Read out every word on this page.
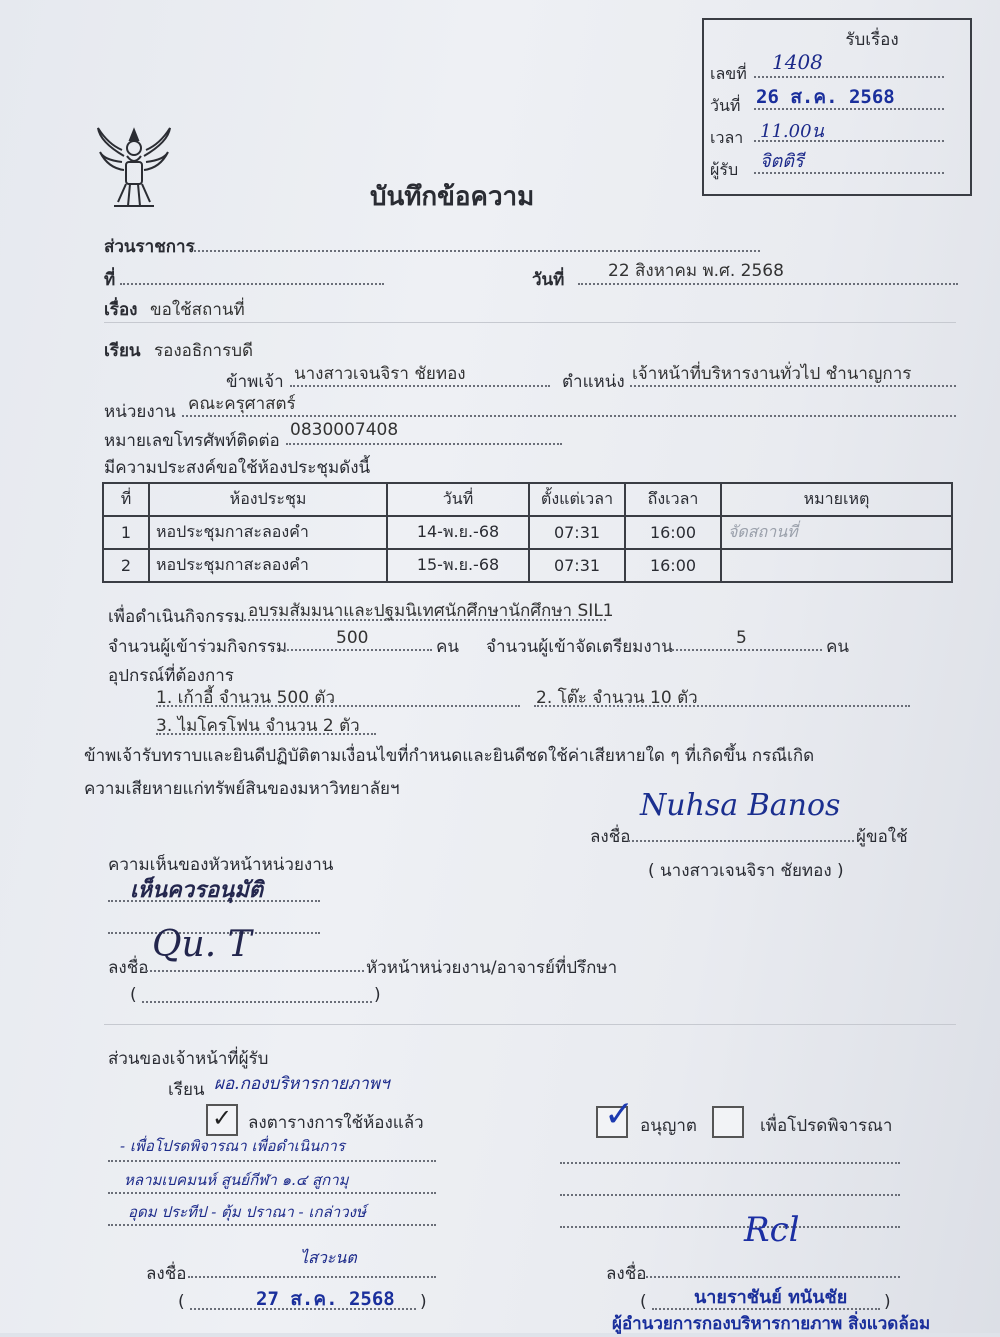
รับเรื่อง
เลขที่ 1408
วันที่ 26 ส.ค. 2568
เวลา 11.00น
ผู้รับ จิตติรี
บันทึกข้อความ
ส่วนราชการ
ที่	วันที่	22 สิงหาคม พ.ศ. 2568
เรื่อง ขอใช้สถานที่
เรียน รองอธิการบดี
ข้าพเจ้า นางสาวเจนจิรา ชัยทอง	ตำแหน่ง เจ้าหน้าที่บริหารงานทั่วไป ชำนาญการ
หน่วยงาน คณะครุศาสตร์
หมายเลขโทรศัพท์ติดต่อ
0830007408
มีความประสงค์ขอใช้ห้องประชุมดังนี้
ที่	ห้องประชุม	วันที่	ตั้งแต่เวลา	ถึงเวลา	หมายเหตุ
1	หอประชุมกาสะลองคำ	14-พ.ย.-68	07:31	16:00	จัดสถานที่
2	หอประชุมกาสะลองคำ	15-พ.ย.-68	07:31	16:00	
เพื่อดำเนินกิจกรรม อบรมสัมมนาและปฐมนิเทศนักศึกษานักศึกษา SIL1
จำนวนผู้เข้าร่วมกิจกรรม	500	คน จำนวนผู้เข้าจัดเตรียมงาน	5	คน
อุปกรณ์ที่ต้องการ
1. เก้าอี้ จำนวน 500 ตัว	2. โต๊ะ จำนวน 10 ตัว
3. ไมโครโฟน จำนวน 2 ตัว
ข้าพเจ้ารับทราบและยินดีปฏิบัติตามเงื่อนไขที่กำหนดและยินดีชดใช้ค่าเสียหายใด ๆ ที่เกิดขึ้น กรณีเกิด
ความเสียหายแก่ทรัพย์สินของมหาวิทยาลัยฯ
ลงชื่อ
Nuhsa Banos
ผู้ขอใช้
( นางสาวเจนจิรา ชัยทอง )
ความเห็นของหัวหน้าหน่วยงาน
เห็นควรอนุมัติ
ลงชื่อ
Qu. T
หัวหน้าหน่วยงาน/อาจารย์ที่ปรึกษา
(	)
ส่วนของเจ้าหน้าที่ผู้รับ
เรียน ผอ.กองบริหารกายภาพฯ
✓ ลงตารางการใช้ห้องแล้ว
- เพื่อโปรดพิจารณา เพื่อดำเนินการ
หลามเบคมนห์ สูนย์กีฬา ๑.๔ สูกามุ
อุดม ประทีป - ตุ้ม ปราณา - เกล่าวงษ์
ลงชื่อ
ไสวะนต
(	27 ส.ค. 2568 )
✓ อนุญาต	เพื่อโปรดพิจารณา
Rcl
ลงชื่อ
(	นายราชันย์ ทนันชัย )
ผู้อำนวยการกองบริหารกายภาพ สิ่งแวดล้อม
